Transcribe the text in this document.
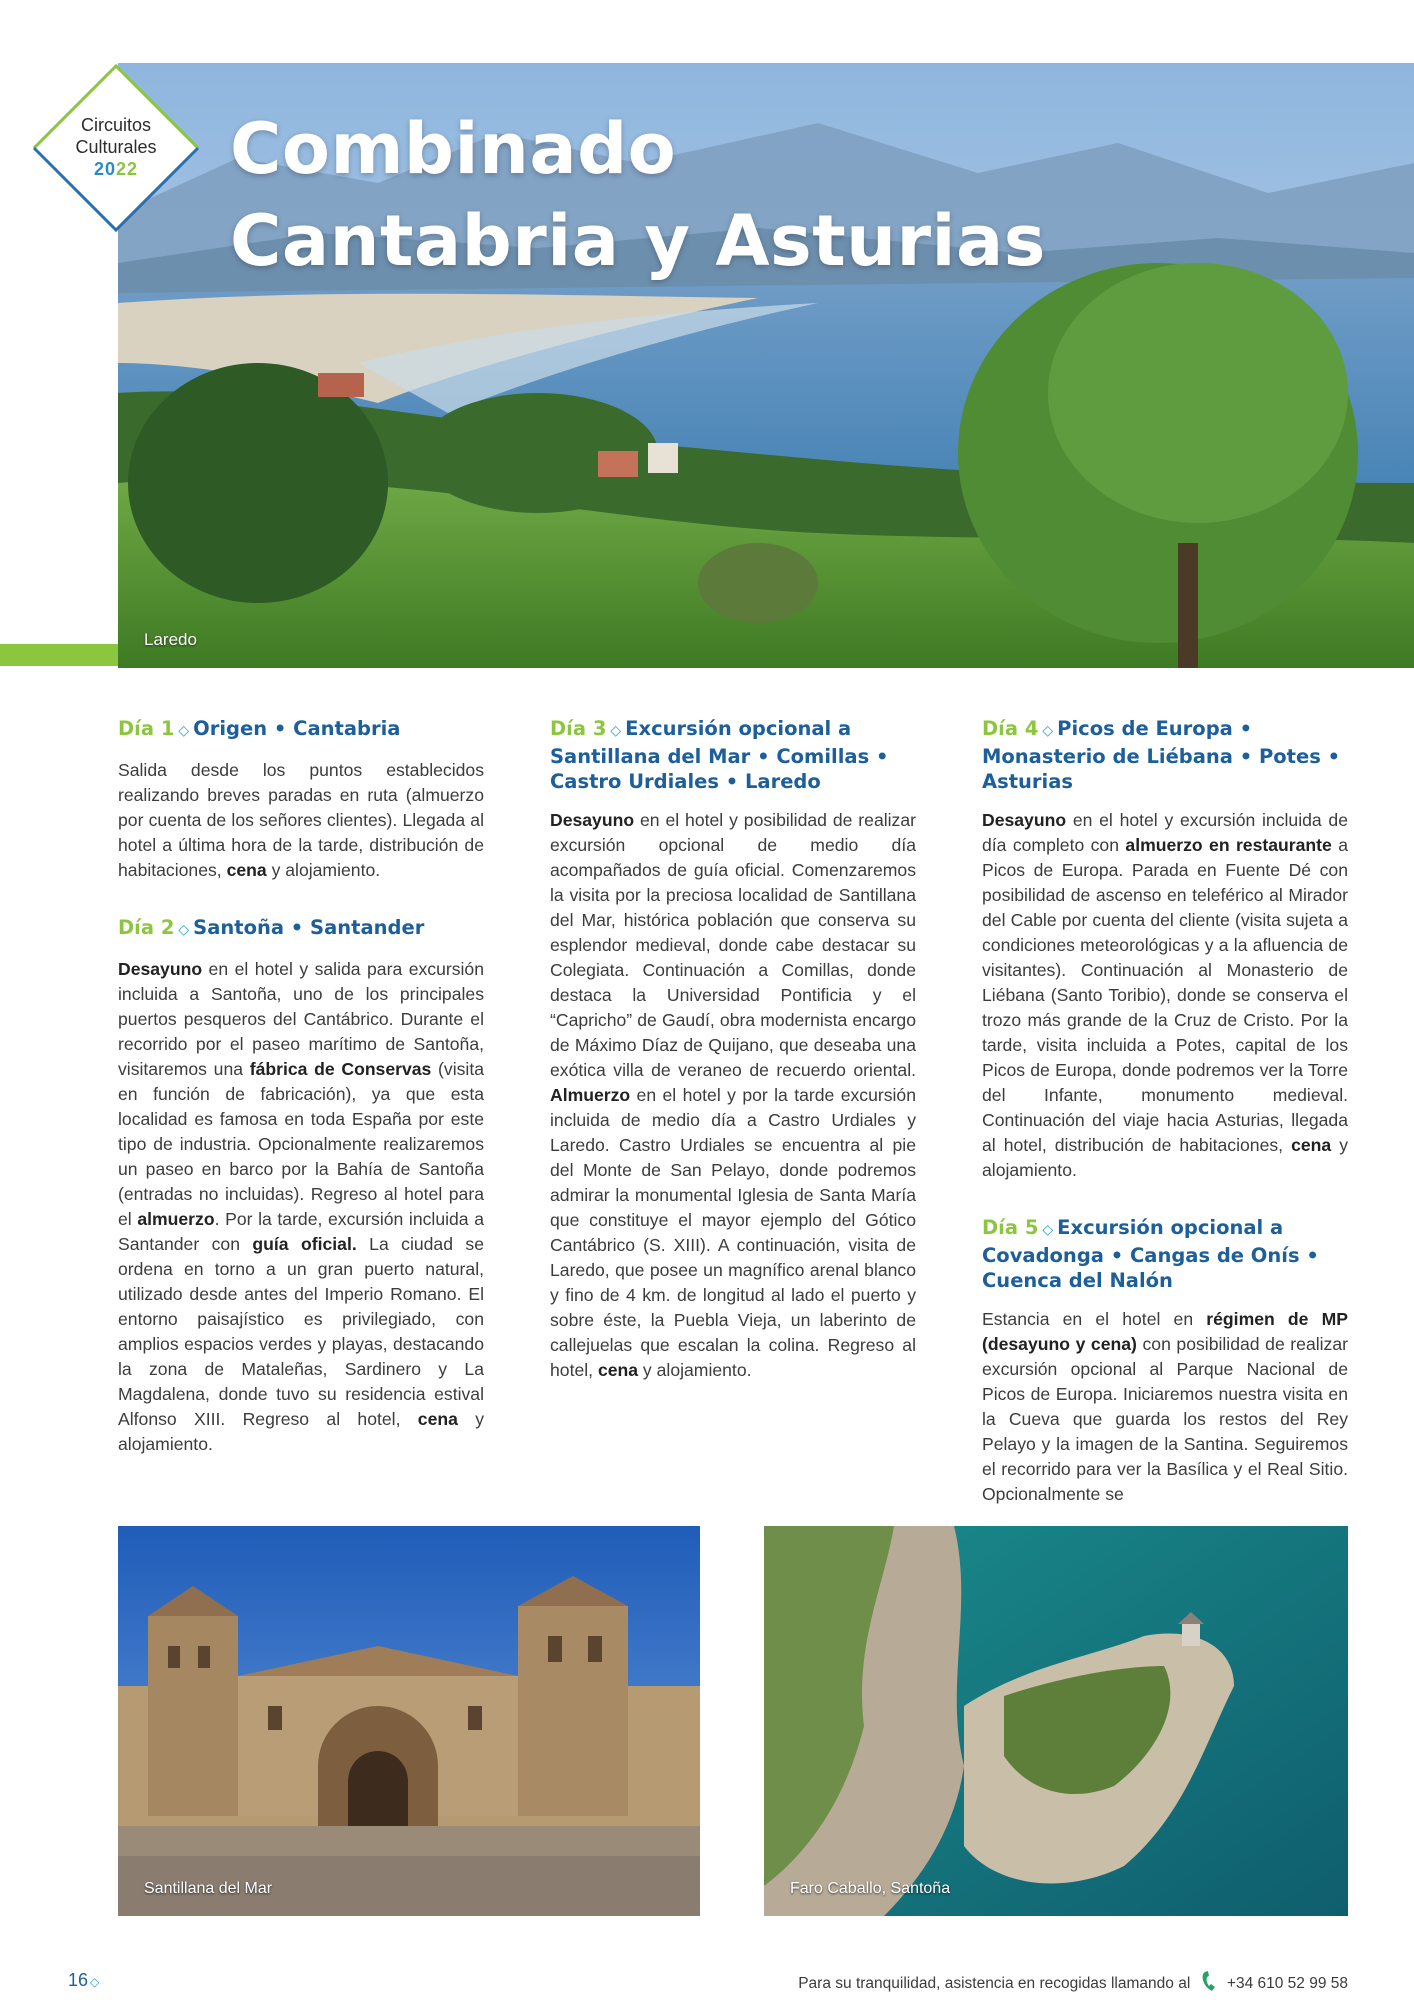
Combinado
Cantabria y Asturias
Laredo
Circuitos
Culturales
2022
Día 1 ◇ Origen • Cantabria

Salida desde los puntos establecidos realizando breves paradas en ruta (almuerzo por cuenta de los señores clientes). Llegada al hotel a última hora de la tarde, distribución de habitaciones, cena y alojamiento.

Día 2 ◇ Santoña • Santander

Desayuno en el hotel y salida para excursión incluida a Santoña, uno de los principales puertos pesqueros del Cantábrico. Durante el recorrido por el paseo marítimo de Santoña, visitaremos una fábrica de Conservas (visita en función de fabricación), ya que esta localidad es famosa en toda España por este tipo de industria. Opcionalmente realizaremos un paseo en barco por la Bahía de Santoña (entradas no incluidas). Regreso al hotel para el almuerzo. Por la tarde, excursión incluida a Santander con guía oficial. La ciudad se ordena en torno a un gran puerto natural, utilizado desde antes del Imperio Romano. El entorno paisajístico es privilegiado, con amplios espacios verdes y playas, destacando la zona de Mataleñas, Sardinero y La Magdalena, donde tuvo su residencia estival Alfonso XIII. Regreso al hotel, cena y alojamiento.

Día 3 ◇ Excursión opcional a Santillana del Mar • Comillas • Castro Urdiales • Laredo

Desayuno en el hotel y posibilidad de realizar excursión opcional de medio día acompañados de guía oficial. Comenzaremos la visita por la preciosa localidad de Santillana del Mar, histórica población que conserva su esplendor medieval, donde cabe destacar su Colegiata. Continuación a Comillas, donde destaca la Universidad Pontificia y el “Capricho” de Gaudí, obra modernista encargo de Máximo Díaz de Quijano, que deseaba una exótica villa de veraneo de recuerdo oriental. Almuerzo en el hotel y por la tarde excursión incluida de medio día a Castro Urdiales y Laredo. Castro Urdiales se encuentra al pie del Monte de San Pelayo, donde podremos admirar la monumental Iglesia de Santa María que constituye el mayor ejemplo del Gótico Cantábrico (S. XIII). A continuación, visita de Laredo, que posee un magnífico arenal blanco y fino de 4 km. de longitud al lado el puerto y sobre éste, la Puebla Vieja, un laberinto de callejuelas que escalan la colina. Regreso al hotel, cena y alojamiento.

Día 4 ◇ Picos de Europa • Monasterio de Liébana • Potes • Asturias

Desayuno en el hotel y excursión incluida de día completo con almuerzo en restaurante a Picos de Europa. Parada en Fuente Dé con posibilidad de ascenso en teleférico al Mirador del Cable por cuenta del cliente (visita sujeta a condiciones meteorológicas y a la afluencia de visitantes). Continuación al Monasterio de Liébana (Santo Toribio), donde se conserva el trozo más grande de la Cruz de Cristo. Por la tarde, visita incluida a Potes, capital de los Picos de Europa, donde podremos ver la Torre del Infante, monumento medieval. Continuación del viaje hacia Asturias, llegada al hotel, distribución de habitaciones, cena y alojamiento.

Día 5 ◇ Excursión opcional a Covadonga • Cangas de Onís • Cuenca del Nalón

Estancia en el hotel en régimen de MP (desayuno y cena) con posibilidad de realizar excursión opcional al Parque Nacional de Picos de Europa. Iniciaremos nuestra visita en la Cueva que guarda los restos del Rey Pelayo y la imagen de la Santina. Seguiremos el recorrido para ver la Basílica y el Real Sitio. Opcionalmente se

Santillana del Mar	Faro Caballo, Santoña
16 ◇	Para su tranquilidad, asistencia en recogidas llamando al +34 610 52 99 58
